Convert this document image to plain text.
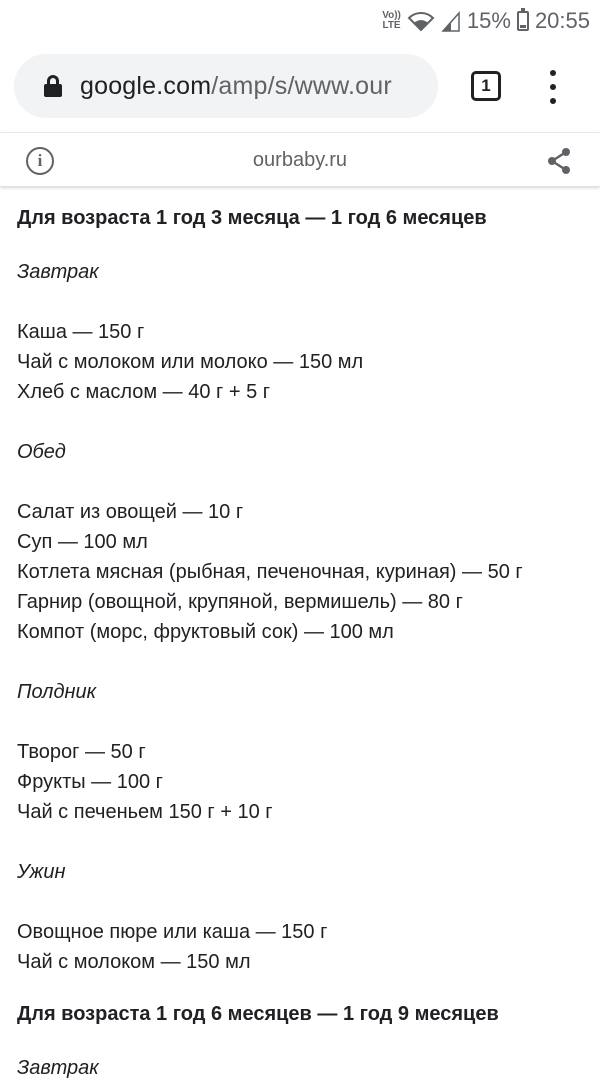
Vo))
LTE	15% 20:55
google.com/amp/s/www.our	1
i	ourbaby.ru

Для возраста 1 год 3 месяца — 1 год 6 месяцев

Завтрак

Каша — 150 г

Чай с молоком или молоко — 150 мл

Хлеб с маслом — 40 г + 5 г

Обед

Салат из овощей — 10 г

Суп — 100 мл

Котлета мясная (рыбная, печеночная, куриная) — 50 г

Гарнир (овощной, крупяной, вермишель) — 80 г

Компот (морс, фруктовый сок) — 100 мл

Полдник

Творог — 50 г

Фрукты — 100 г

Чай с печеньем 150 г + 10 г

Ужин

Овощное пюре или каша — 150 г

Чай с молоком — 150 мл

Для возраста 1 год 6 месяцев — 1 год 9 месяцев

Завтрак
